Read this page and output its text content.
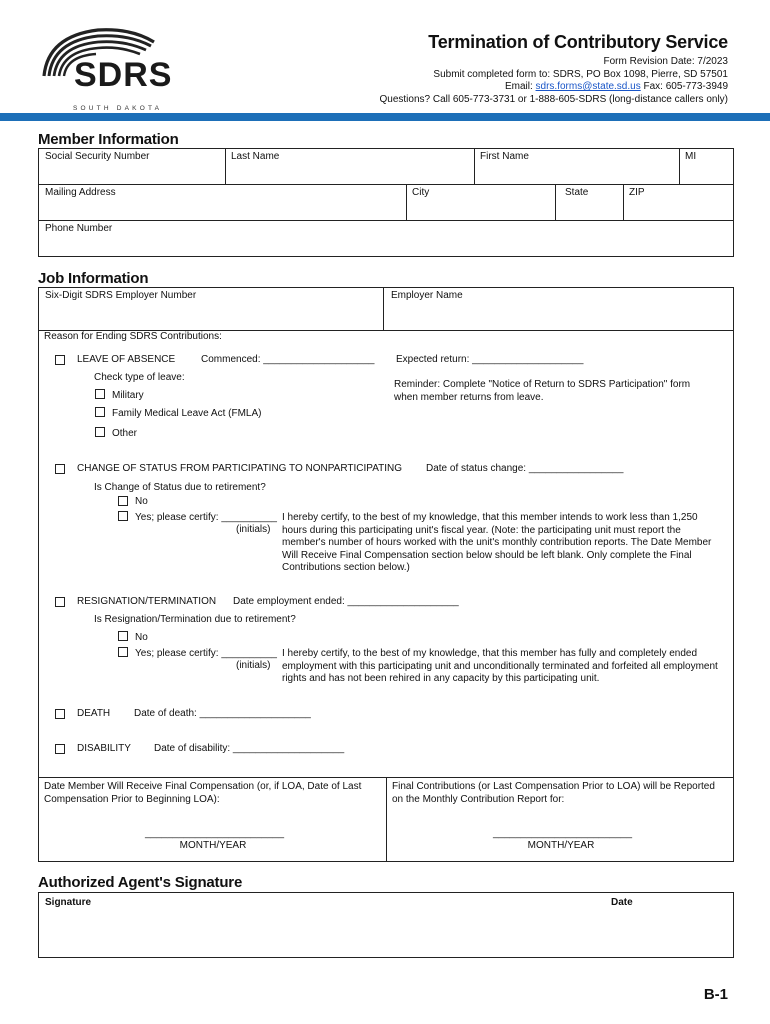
SDRS
SOUTH DAKOTA
Termination of Contributory Service
Form Revision Date: 7/2023
Submit completed form to: SDRS, PO Box 1098, Pierre, SD 57501
Email: sdrs.forms@state.sd.us Fax: 605-773-3949
Questions? Call 605-773-3731 or 1-888-605-SDRS (long-distance callers only)
Member Information
Social Security Number	Last Name	First Name	MI
Mailing Address	City	State	ZIP
Phone Number
Job Information
Six-Digit SDRS Employer Number	Employer Name
Reason for Ending SDRS Contributions:
LEAVE OF ABSENCE	Commenced: ____________________ Expected return: ____________________
Check type of leave:
Military
Family Medical Leave Act (FMLA)
Other
Reminder: Complete "Notice of Return to SDRS Participation" form when member returns from leave.
CHANGE OF STATUS FROM PARTICIPATING TO NONPARTICIPATING Date of status change: _________________
Is Change of Status due to retirement?
No
Yes; please certify: __________
(initials)
I hereby certify, to the best of my knowledge, that this member intends to work less than 1,250 hours during this participating unit's fiscal year. (Note: the participating unit must report the member's number of hours worked with the unit's monthly contribution reports. The Date Member Will Receive Final Compensation section below should be left blank. Only complete the Final Contributions section below.)
RESIGNATION/TERMINATION Date employment ended: ____________________
Is Resignation/Termination due to retirement?
No
Yes; please certify: __________
(initials)
I hereby certify, to the best of my knowledge, that this member has fully and completely ended employment with this participating unit and unconditionally terminated and forfeited all employment rights and has not been rehired in any capacity by this participating unit.
DEATH Date of death: ____________________
DISABILITY Date of disability: ____________________
Date Member Will Receive Final Compensation (or, if LOA, Date of Last Compensation Prior to Beginning LOA):
_________________________
MONTH/YEAR
Final Contributions (or Last Compensation Prior to LOA) will be Reported on the Monthly Contribution Report for:
_________________________
MONTH/YEAR
Authorized Agent's Signature
Signature	Date
B-1
